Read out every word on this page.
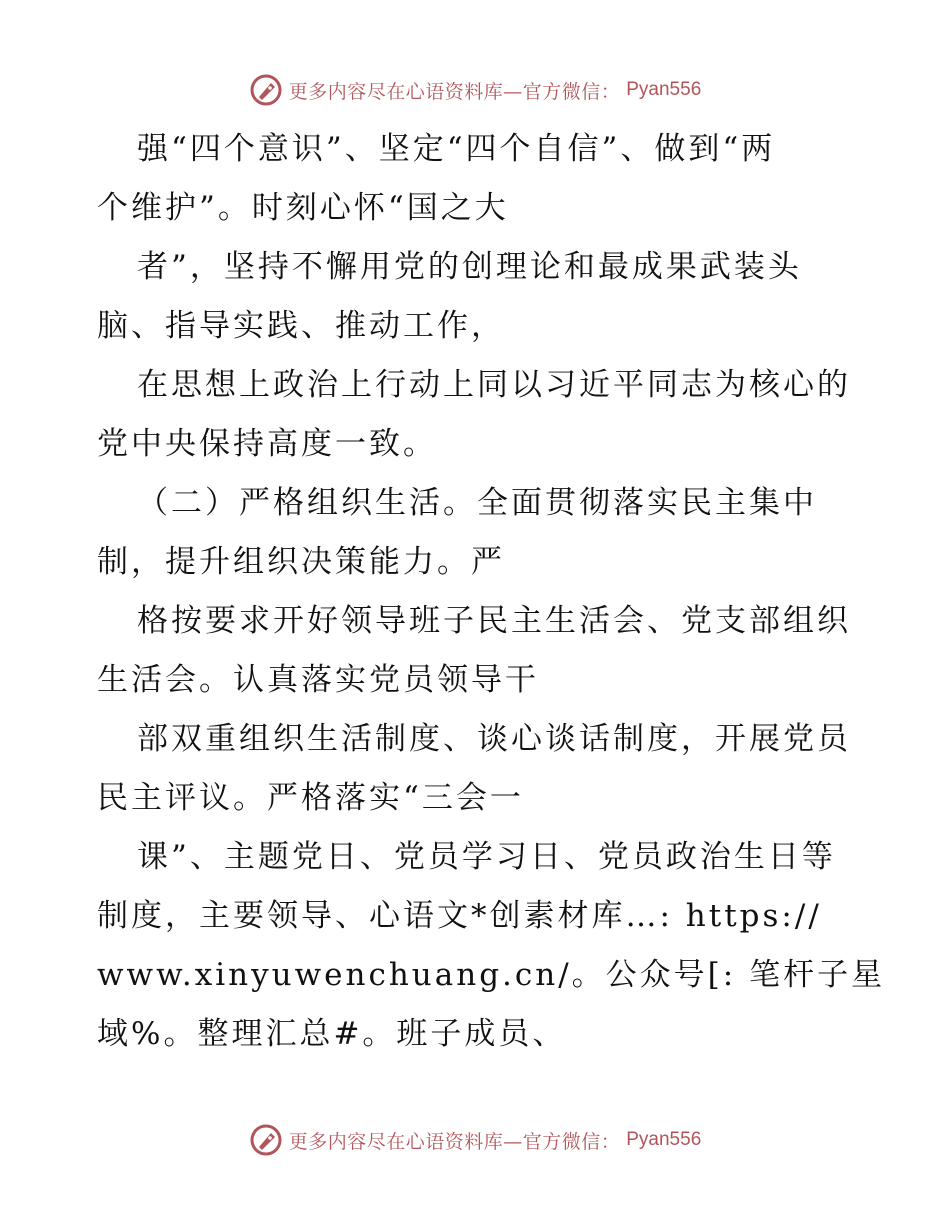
更多内容尽在心语资料库—官方微信： Pyan556
强“四个意识”、坚定“四个自信”、做到“两
个维护”。时刻心怀“国之大
者”，坚持不懈用党的创理论和最成果武装头
脑、指导实践、推动工作，
在思想上政治上行动上同以习近平同志为核心的
党中央保持高度一致。
（二）严格组织生活。全面贯彻落实民主集中
制，提升组织决策能力。严
格按要求开好领导班子民主生活会、党支部组织
生活会。认真落实党员领导干
部双重组织生活制度、谈心谈话制度，开展党员
民主评议。严格落实“三会一
课”、主题党日、党员学习日、党员政治生日等
制度，主要领导、心语文*创素材库…: https://
www.xinyuwenchuang.cn/。公众号[: 笔杆子星
域%。整理汇总#。班子成员、
更多内容尽在心语资料库—官方微信： Pyan556
